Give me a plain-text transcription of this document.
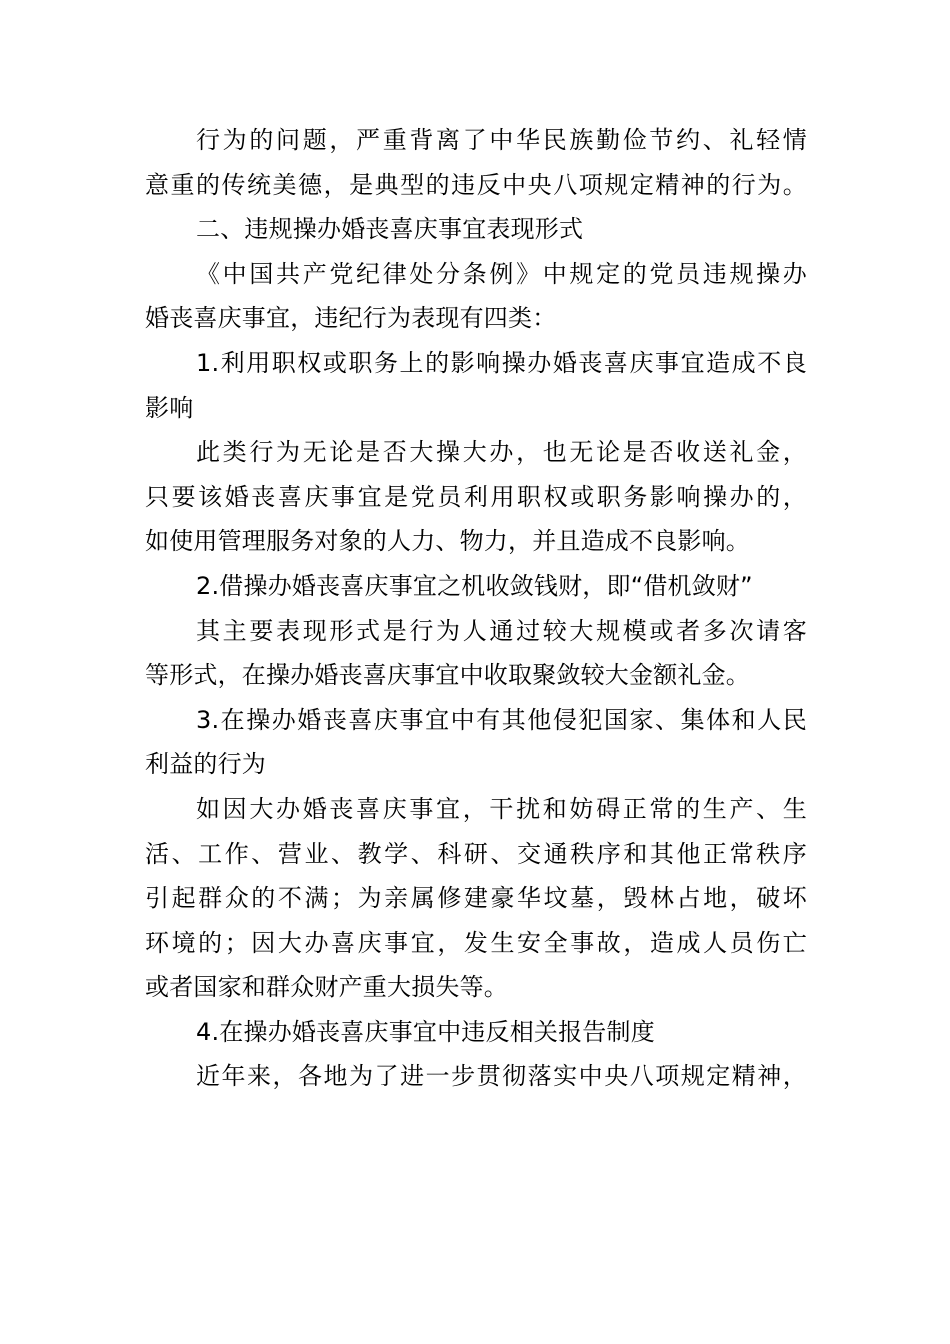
行为的问题，严重背离了中华民族勤俭节约、礼轻情
意重的传统美德，是典型的违反中央八项规定精神的行为。
二、违规操办婚丧喜庆事宜表现形式
《中国共产党纪律处分条例》中规定的党员违规操办
婚丧喜庆事宜，违纪行为表现有四类：
1.利用职权或职务上的影响操办婚丧喜庆事宜造成不良
影响
此类行为无论是否大操大办，也无论是否收送礼金，
只要该婚丧喜庆事宜是党员利用职权或职务影响操办的，
如使用管理服务对象的人力、物力，并且造成不良影响。
2.借操办婚丧喜庆事宜之机收敛钱财，即“借机敛财”
其主要表现形式是行为人通过较大规模或者多次请客
等形式，在操办婚丧喜庆事宜中收取聚敛较大金额礼金。
3.在操办婚丧喜庆事宜中有其他侵犯国家、集体和人民
利益的行为
如因大办婚丧喜庆事宜，干扰和妨碍正常的生产、生
活、工作、营业、教学、科研、交通秩序和其他正常秩序
引起群众的不满；为亲属修建豪华坟墓，毁林占地，破坏
环境的；因大办喜庆事宜，发生安全事故，造成人员伤亡
或者国家和群众财产重大损失等。
4.在操办婚丧喜庆事宜中违反相关报告制度
近年来，各地为了进一步贯彻落实中央八项规定精神，
